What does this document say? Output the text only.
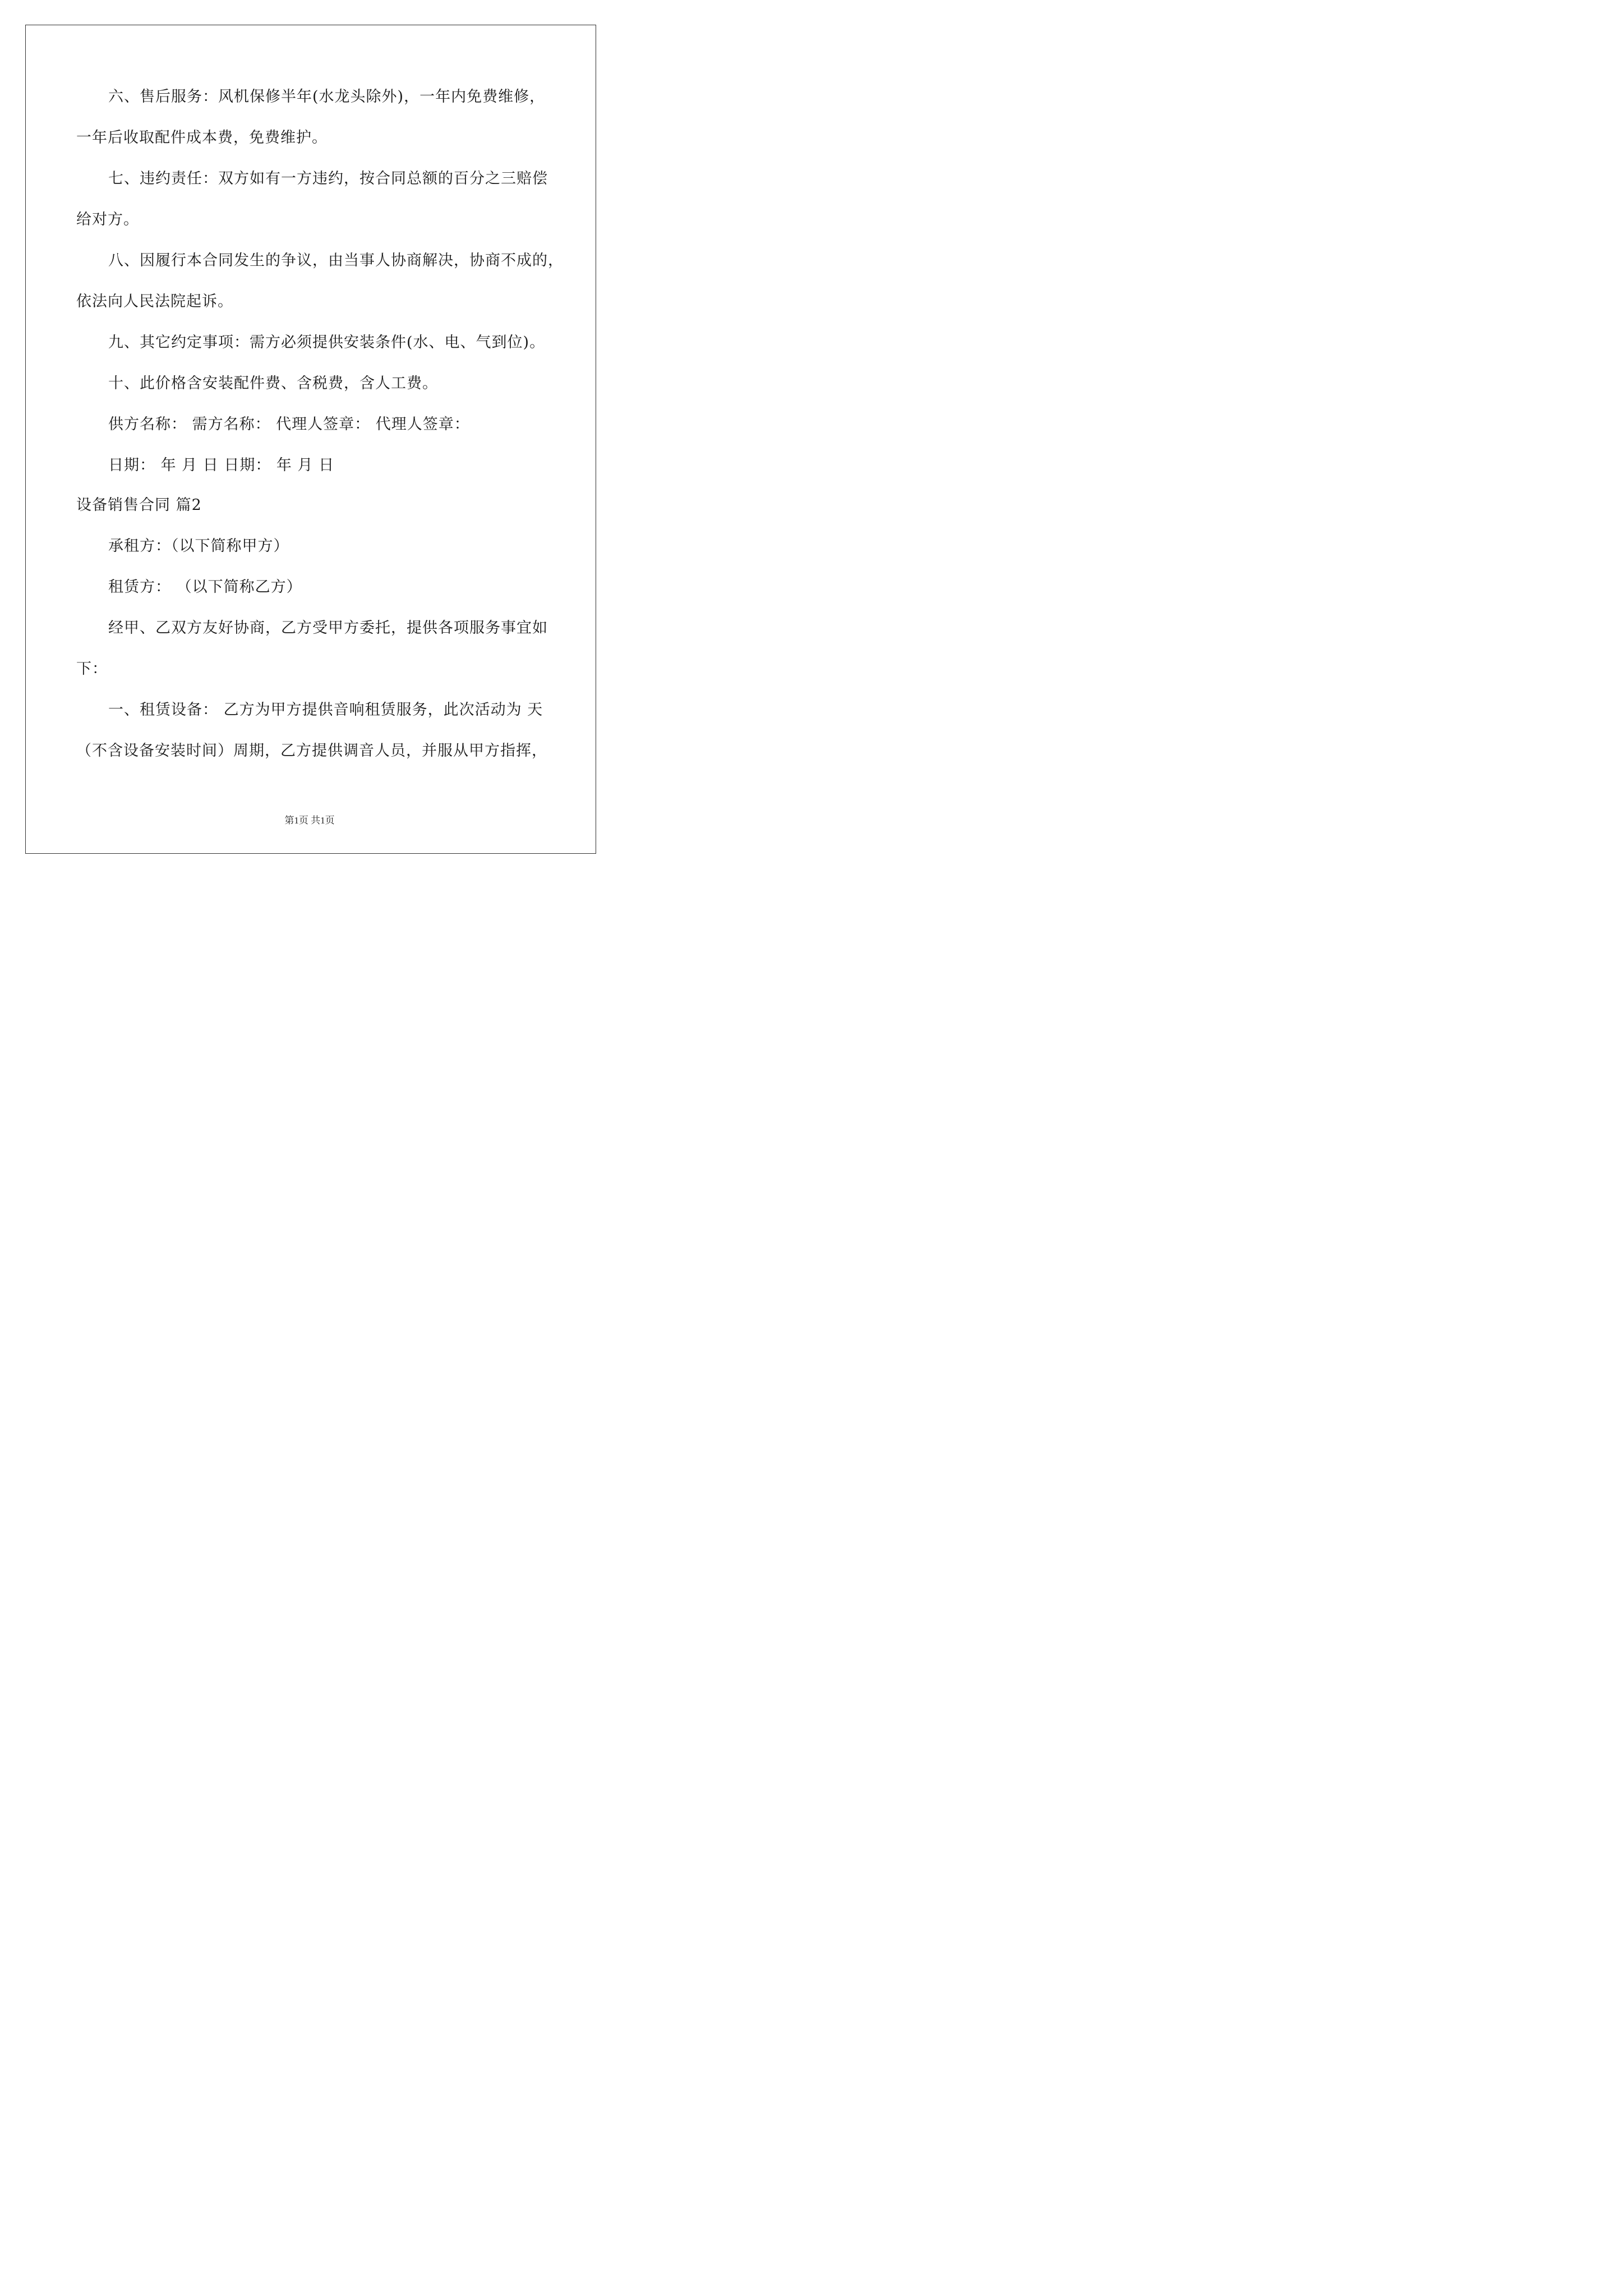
六、售后服务：风机保修半年(水龙头除外)，一年内免费维修，
一年后收取配件成本费，免费维护。
七、违约责任：双方如有一方违约，按合同总额的百分之三赔偿
给对方。
八、因履行本合同发生的争议，由当事人协商解决，协商不成的，
依法向人民法院起诉。
九、其它约定事项：需方必须提供安装条件(水、电、气到位)。
十、此价格含安装配件费、含税费，含人工费。
供方名称： 需方名称： 代理人签章： 代理人签章：
日期： 年 月 日 日期： 年 月 日
设备销售合同 篇2
承租方：（以下简称甲方）
租赁方： （以下简称乙方）
经甲、乙双方友好协商，乙方受甲方委托，提供各项服务事宜如
下：
一、租赁设备： 乙方为甲方提供音响租赁服务，此次活动为 天
（不含设备安装时间）周期，乙方提供调音人员，并服从甲方指挥，
第1页 共1页
